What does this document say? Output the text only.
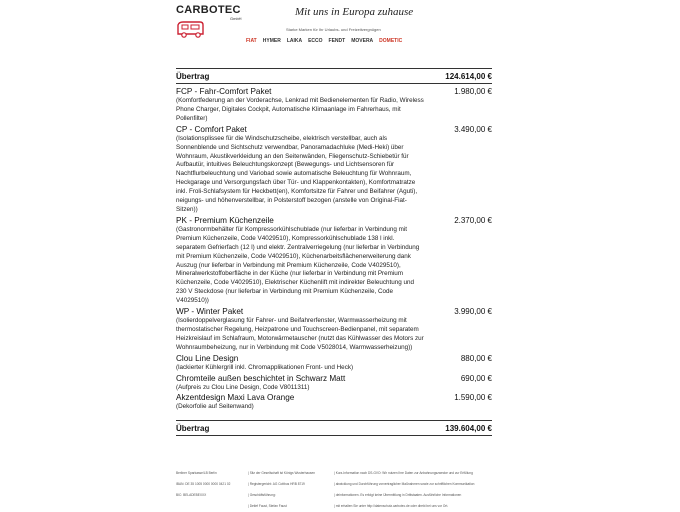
CARBOTEC
GmbH
Mit uns in Europa zuhause
Starke Marken für Ihr Urlaubs- und Freizeitvergnügen
FIAT HYMER LAIKA ECCO FENDT MOVERA DOMETIC
Übertrag	124.614,00 €
FCP - Fahr-Comfort Paket
(Komfortfederung an der Vorderachse, Lenkrad mit Bedienelementen für Radio, Wireless Phone Charger, Digitales Cockpit, Automatische Klimaanlage im Fahrerhaus, mit Pollenfilter)
1.980,00 €
CP - Comfort Paket
(Isolationsplissee für die Windschutzscheibe, elektrisch verstellbar, auch als Sonnenblende und Sichtschutz verwendbar, Panoramadachluke (Medi-Heki) über Wohnraum, Akustikverkleidung an den Seitenwänden, Fliegenschutz-Schiebetür für Aufbautür, intuitives Beleuchtungskonzept (Bewegungs- und Lichtsensoren für Nachtflurbeleuchtung und Variobad sowie automatische Beleuchtung für Wohnraum, Heckgarage und Versorgungsfach über Tür- und Klappenkontakten), Komfortmatratze inkl. Froli-Schlafsystem für Heckbett(en), Komfortsitze für Fahrer und Beifahrer (Aguti), neigungs- und höhenverstellbar, in Polsterstoff bezogen (anstelle von Original-Fiat-Sitzen))
3.490,00 €
PK - Premium Küchenzeile
(Gastronormbehälter für Kompressorkühlschublade (nur lieferbar in Verbindung mit Premium Küchenzeile, Code V4029510), Kompressorkühlschublade 138 l inkl. separatem Gefrierfach (12 l) und elektr. Zentralverriegelung (nur lieferbar in Verbindung mit Premium Küchenzeile, Code V4029510), Küchenarbeitsflächenerweiterung dank Auszug (nur lieferbar in Verbindung mit Premium Küchenzeile, Code V4029510), Mineralwerkstoffoberfläche in der Küche (nur lieferbar in Verbindung mit Premium Küchenzeile, Code V4029510), Elektrischer Küchenlift mit indirekter Beleuchtung und 230 V Steckdose (nur lieferbar in Verbindung mit Premium Küchenzeile, Code V4029510))
2.370,00 €
WP - Winter Paket
(Isolierdoppelverglasung für Fahrer- und Beifahrerfenster, Warmwasserheizung mit thermostatischer Regelung, Heizpatrone und Touchscreen-Bedienpanel, mit separatem Heizkreislauf im Schlafraum, Motorwärmetauscher (nutzt das Kühlwasser des Motors zur Wohnraumbeheizung, nur in Verbindung mit Code V5028014, Warmwasserheizung))
3.990,00 €
Clou Line Design
(lackierter Kühlergrill inkl. Chromapplikationen Front- und Heck)
880,00 €
Chromteile außen beschichtet in Schwarz Matt
(Aufpreis zu Clou Line Design, Code V8011311)
690,00 €
Akzentdesign Maxi Lava Orange
(Dekorfolie auf Seitenwand)
1.590,00 €
Übertrag	139.604,00 €
Berliner Sparkasse/LB Berlin
IBAN: DE 35 1005 0000 0000 0421 02
BIC: BELADEBEXXX
| Sitz der Gesellschaft ist Königs Wusterhausen
| Registergericht: AG Cottbus HRB 8719
| Geschäftsführung:
| Detlef Faust, Stefan Faust
| Kurz-Information nach DS-GVO: Wir nutzen Ihre Daten zur Anbahnungszwecke und zur Erfüllung
| abwicklung und Durchführung vorvertraglicher Maßnahmen sowie zur schriftlichen Kommunikation
| deinformationen. Es erfolgt keine Übermittlung in Drittstaaten. Ausführliche Informationen
| mit erhalten Sie unter http://datenschutz.carbotec.de oder direkt bei uns vor Ort.
